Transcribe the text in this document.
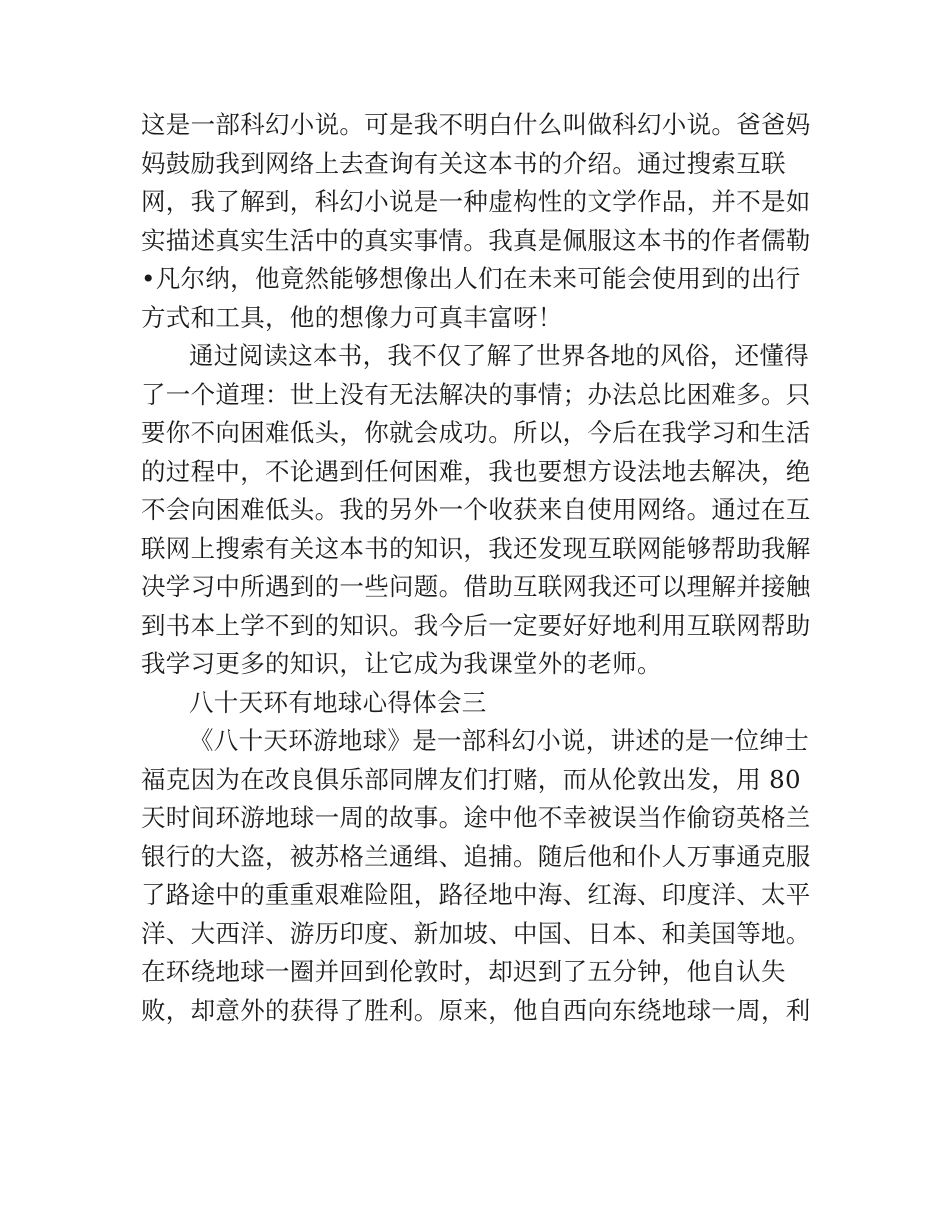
这是一部科幻小说。可是我不明白什么叫做科幻小说。爸爸妈
妈鼓励我到网络上去查询有关这本书的介绍。通过搜索互联
网，我了解到，科幻小说是一种虚构性的文学作品，并不是如
实描述真实生活中的真实事情。我真是佩服这本书的作者儒勒
•凡尔纳，他竟然能够想像出人们在未来可能会使用到的出行
方式和工具，他的想像力可真丰富呀！
通过阅读这本书，我不仅了解了世界各地的风俗，还懂得
了一个道理：世上没有无法解决的事情；办法总比困难多。只
要你不向困难低头，你就会成功。所以，今后在我学习和生活
的过程中，不论遇到任何困难，我也要想方设法地去解决，绝
不会向困难低头。我的另外一个收获来自使用网络。通过在互
联网上搜索有关这本书的知识，我还发现互联网能够帮助我解
决学习中所遇到的一些问题。借助互联网我还可以理解并接触
到书本上学不到的知识。我今后一定要好好地利用互联网帮助
我学习更多的知识，让它成为我课堂外的老师。
八十天环有地球心得体会三
《八十天环游地球》是一部科幻小说，讲述的是一位绅士
福克因为在改良俱乐部同牌友们打赌，而从伦敦出发，用 80
天时间环游地球一周的故事。途中他不幸被误当作偷窃英格兰
银行的大盗，被苏格兰通缉、追捕。随后他和仆人万事通克服
了路途中的重重艰难险阻，路径地中海、红海、印度洋、太平
洋、大西洋、游历印度、新加坡、中国、日本、和美国等地。
在环绕地球一圈并回到伦敦时，却迟到了五分钟，他自认失
败，却意外的获得了胜利。原来，他自西向东绕地球一周，利
